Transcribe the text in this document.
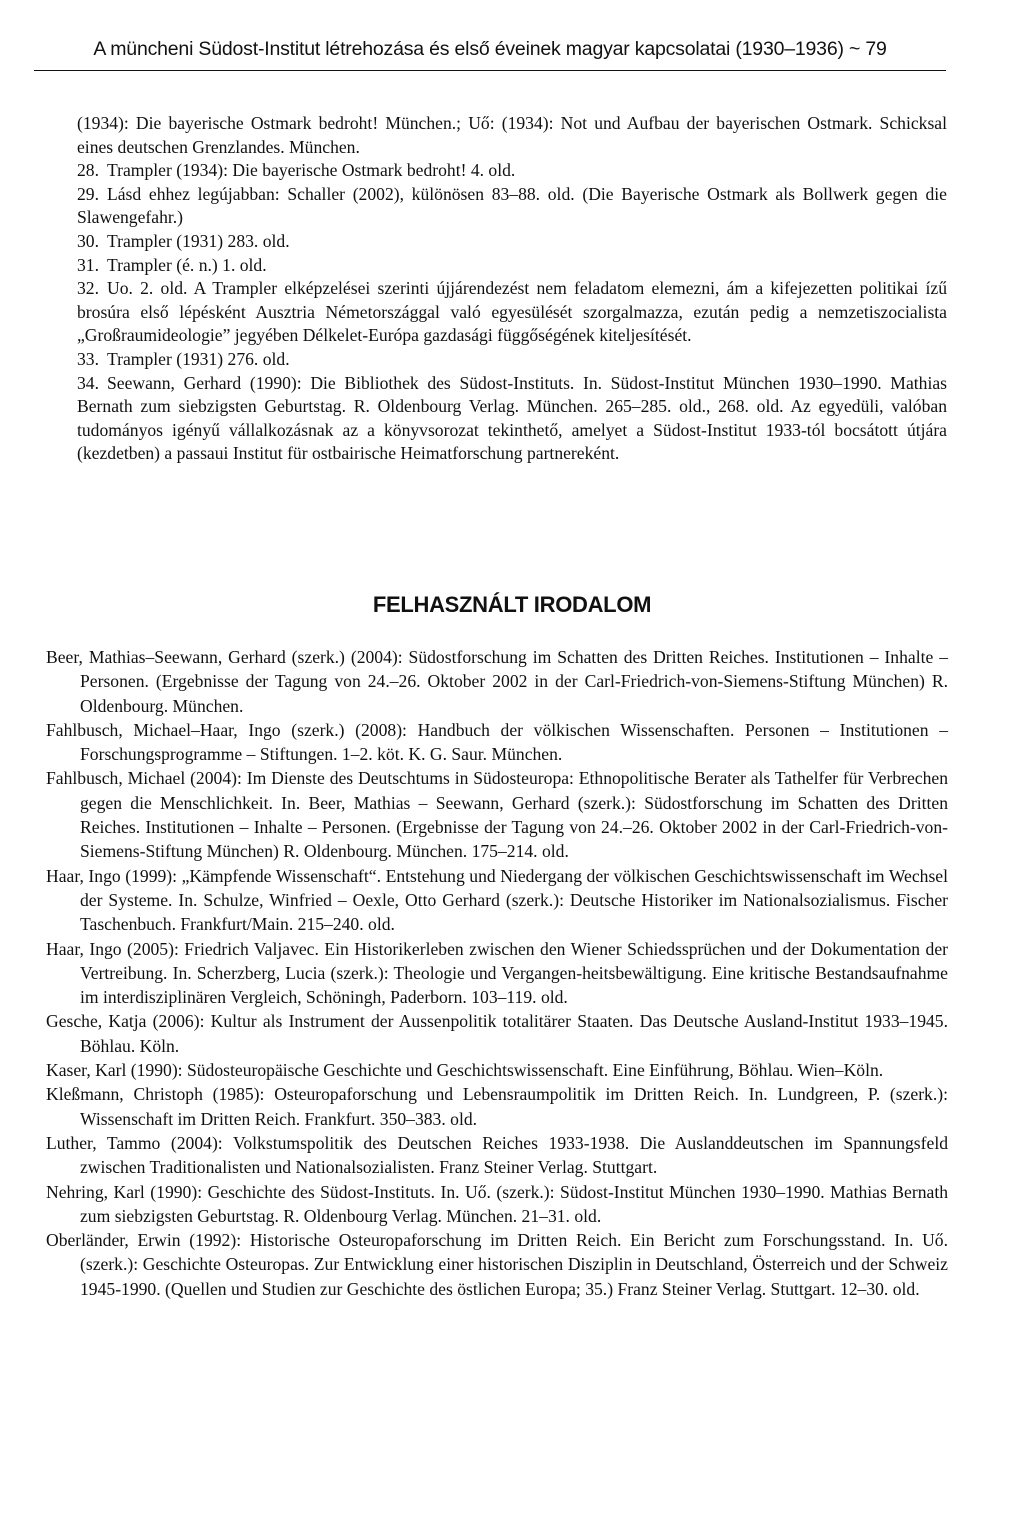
A müncheni Südost-Institut létrehozása és első éveinek magyar kapcsolatai (1930–1936) ~ 79

(1934): Die bayerische Ostmark bedroht! München.; Uő: (1934): Not und Aufbau der bayerischen Ostmark. Schicksal eines deutschen Grenzlandes. München.

28. Trampler (1934): Die bayerische Ostmark bedroht! 4. old.

29. Lásd ehhez legújabban: Schaller (2002), különösen 83–88. old. (Die Bayerische Ostmark als Bollwerk gegen die Slawengefahr.)

30. Trampler (1931) 283. old.

31. Trampler (é. n.) 1. old.

32. Uo. 2. old. A Trampler elképzelései szerinti újjárendezést nem feladatom elemezni, ám a kifejezetten politikai ízű brosúra első lépésként Ausztria Németországgal való egyesülését szorgalmazza, ezután pedig a nemzetiszocialista „Großraumideologie” jegyében Délkelet-Európa gazdasági függőségének kiteljesítését.

33. Trampler (1931) 276. old.

34. Seewann, Gerhard (1990): Die Bibliothek des Südost-Instituts. In. Südost-Institut München 1930–1990. Mathias Bernath zum siebzigsten Geburtstag. R. Oldenbourg Verlag. München. 265–285. old., 268. old. Az egyedüli, valóban tudományos igényű vállalkozásnak az a könyvsorozat tekinthető, amelyet a Südost-Institut 1933-tól bocsátott útjára (kezdetben) a passaui Institut für ostbairische Heimatforschung partnereként.

FELHASZNÁLT IRODALOM

Beer, Mathias–Seewann, Gerhard (szerk.) (2004): Südostforschung im Schatten des Dritten Reiches. Institutionen – Inhalte – Personen. (Ergebnisse der Tagung von 24.–26. Oktober 2002 in der Carl-Friedrich-von-Siemens-Stiftung München) R. Oldenbourg. München.

Fahlbusch, Michael–Haar, Ingo (szerk.) (2008): Handbuch der völkischen Wissenschaften. Personen – Institutionen – Forschungsprogramme – Stiftungen. 1–2. köt. K. G. Saur. München.

Fahlbusch, Michael (2004): Im Dienste des Deutschtums in Südosteuropa: Ethnopolitische Berater als Tathelfer für Verbrechen gegen die Menschlichkeit. In. Beer, Mathias – Seewann, Gerhard (szerk.): Südostforschung im Schatten des Dritten Reiches. Institutionen – Inhalte – Personen. (Ergebnisse der Tagung von 24.–26. Oktober 2002 in der Carl-Friedrich-von-Siemens-Stiftung München) R. Oldenbourg. München. 175–214. old.

Haar, Ingo (1999): „Kämpfende Wissenschaft“. Entstehung und Niedergang der völkischen Geschichtswissenschaft im Wechsel der Systeme. In. Schulze, Winfried – Oexle, Otto Gerhard (szerk.): Deutsche Historiker im Nationalsozialismus. Fischer Taschenbuch. Frankfurt/Main. 215–240. old.

Haar, Ingo (2005): Friedrich Valjavec. Ein Historikerleben zwischen den Wiener Schiedssprüchen und der Dokumentation der Vertreibung. In. Scherzberg, Lucia (szerk.): Theologie und Vergangen-heitsbewältigung. Eine kritische Bestandsaufnahme im interdisziplinären Vergleich, Schöningh, Paderborn. 103–119. old.

Gesche, Katja (2006): Kultur als Instrument der Aussenpolitik totalitärer Staaten. Das Deutsche Ausland-Institut 1933–1945. Böhlau. Köln.

Kaser, Karl (1990): Südosteuropäische Geschichte und Geschichtswissenschaft. Eine Einführung, Böhlau. Wien–Köln.

Kleßmann, Christoph (1985): Osteuropaforschung und Lebensraumpolitik im Dritten Reich. In. Lundgreen, P. (szerk.): Wissenschaft im Dritten Reich. Frankfurt. 350–383. old.

Luther, Tammo (2004): Volkstumspolitik des Deutschen Reiches 1933-1938. Die Auslanddeutschen im Spannungsfeld zwischen Traditionalisten und Nationalsozialisten. Franz Steiner Verlag. Stuttgart.

Nehring, Karl (1990): Geschichte des Südost-Instituts. In. Uő. (szerk.): Südost-Institut München 1930–1990. Mathias Bernath zum siebzigsten Geburtstag. R. Oldenbourg Verlag. München. 21–31. old.

Oberländer, Erwin (1992): Historische Osteuropaforschung im Dritten Reich. Ein Bericht zum Forschungsstand. In. Uő. (szerk.): Geschichte Osteuropas. Zur Entwicklung einer historischen Disziplin in Deutschland, Österreich und der Schweiz 1945-1990. (Quellen und Studien zur Geschichte des östlichen Europa; 35.) Franz Steiner Verlag. Stuttgart. 12–30. old.
